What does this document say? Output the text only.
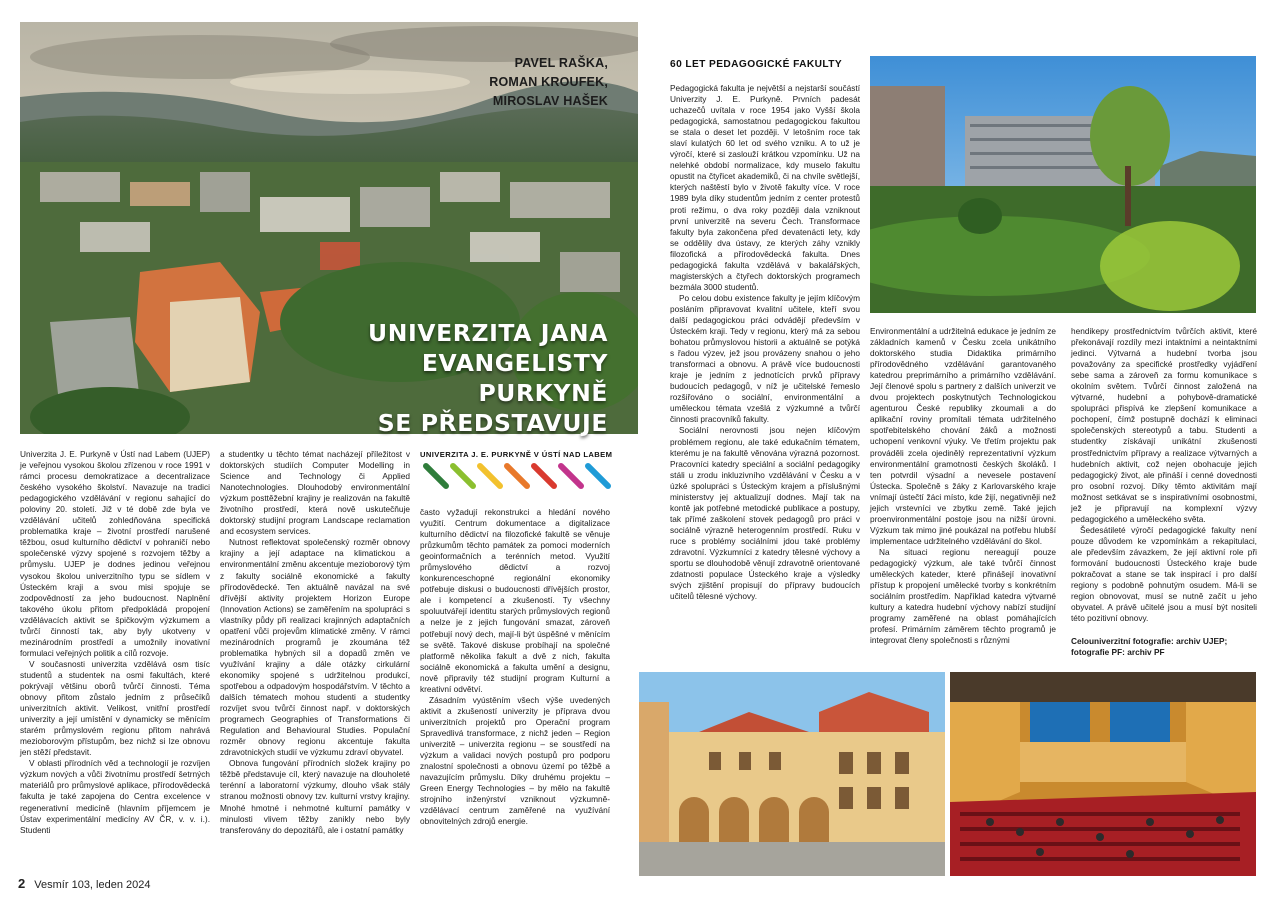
PAVEL RAŠKA,
ROMAN KROUFEK,
MIROSLAV HAŠEK
UNIVERZITA JANA
EVANGELISTY PURKYNĚ
SE PŘEDSTAVUJE

Univerzita J. E. Purkyně v Ústí nad Labem (UJEP) je veřejnou vysokou školou zřízenou v roce 1991 v rámci procesu demokratizace a decentralizace českého vysokého školství. Navazuje na tradici pedagogického vzdělávání v regionu sahající do poloviny 20. století. Již v té době zde byla ve vzdělávání učitelů zohledňována specifická problematika kraje – životní prostředí narušené těžbou, osud kulturního dědictví v pohraničí nebo společenské výzvy spojené s rozvojem těžby a průmyslu. UJEP je dodnes jedinou veřejnou vysokou školou univerzitního typu se sídlem v Ústeckém kraji a svou misi spojuje se zodpovědností za jeho budoucnost. Naplnění takového úkolu přitom předpokládá propojení vzdělávacích aktivit se špičkovým výzkumem a tvůrčí činností tak, aby byly ukotveny v mezinárodním prostředí a umožnily inovativní formulaci veřejných politik a cílů rozvoje.

V současnosti univerzita vzdělává osm tisíc studentů a studentek na osmi fakultách, které pokrývají většinu oborů tvůrčí činnosti. Téma obnovy přitom zůstalo jedním z průsečíků univerzitních aktivit. Velikost, vnitřní prostředí univerzity a její umístění v dynamicky se měnícím starém průmyslovém regionu přitom nahrává mezioborovým přístupům, bez nichž si lze obnovu jen stěží představit.

V oblasti přírodních věd a technologií je rozvíjen výzkum nových a vůči životnímu prostředí šetrných materiálů pro průmyslové aplikace, přírodovědecká fakulta je také zapojena do Centra excelence v regenerativní medicíně (hlavním příjemcem je Ústav experimentální medicíny AV ČR, v. v. i.). Studenti

a studentky u těchto témat nacházejí příležitost v doktorských studiích Computer Modelling in Science and Technology či Applied Nanotechnologies. Dlouhodobý environmentální výzkum posttěžební krajiny je realizován na fakultě životního prostředí, která nově uskutečňuje doktorský studijní program Landscape reclamation and ecosystem services.

Nutnost reflektovat společenský rozměr obnovy krajiny a její adaptace na klimatickou a environmentální změnu akcentuje mezioborový tým z fakulty sociálně ekonomické a fakulty přírodovědecké. Ten aktuálně navázal na své dřívější aktivity projektem Horizon Europe (Innovation Actions) se zaměřením na spolupráci s vlastníky půdy při realizaci krajinných adaptačních opatření vůči projevům klimatické změny. V rámci mezinárodních programů je zkoumána též problematika hybných sil a dopadů změn ve využívání krajiny a dále otázky cirkulární ekonomiky spojené s udržitelnou produkcí, spotřebou a odpadovým hospodářstvím. V těchto a dalších tématech mohou studenti a studentky rozvíjet svou tvůrčí činnost např. v doktorských programech Geographies of Transformations či Regulation and Behavioural Studies. Populační rozměr obnovy regionu akcentuje fakulta zdravotnických studií ve výzkumu zdraví obyvatel.

Obnova fungování přírodních složek krajiny po těžbě představuje cíl, který navazuje na dlouholeté terénní a laboratorní výzkumy, dlouho však stály stranou možnosti obnovy tzv. kulturní vrstvy krajiny. Mnohé hmotné i nehmotné kulturní památky v minulosti vlivem těžby zanikly nebo byly transferovány do depozitářů, ale i ostatní památky

UNIVERZITA J. E. PURKYNĚ V ÚSTÍ NAD LABEM

často vyžadují rekonstrukci a hledání nového využití. Centrum dokumentace a digitalizace kulturního dědictví na filozofické fakultě se věnuje průzkumům těchto památek za pomoci moderních geoinformačních a terénních metod. Využití průmyslového dědictví a rozvoj konkurenceschopné regionální ekonomiky potřebuje diskusi o budoucnosti dřívějších prostor, ale i kompetencí a zkušeností. Ty všechny spoluutvářejí identitu starých průmyslových regionů a nelze je z jejich fungování smazat, zároveň potřebují nový dech, mají-li být úspěšné v měnícím se světě. Takové diskuse probíhají na společné platformě několika fakult a dvě z nich, fakulta sociálně ekonomická a fakulta umění a designu, nově připravily též studijní program Kulturní a kreativní odvětví.

Zásadním vyústěním všech výše uvedených aktivit a zkušeností univerzity je příprava dvou univerzitních projektů pro Operační program Spravedlivá transformace, z nichž jeden – Region univerzitě – univerzita regionu – se soustředí na výzkum a validaci nových postupů pro podporu znalostní společnosti a obnovu území po těžbě a navazujícím průmyslu. Díky druhému projektu – Green Energy Technologies – by mělo na fakultě strojního inženýrství vzniknout výzkumně-vzdělávací centrum zaměřené na využívání obnovitelných zdrojů energie.

60 LET PEDAGOGICKÉ FAKULTY

Pedagogická fakulta je největší a nejstarší součástí Univerzity J. E. Purkyně. Prvních padesát uchazečů uvítala v roce 1954 jako Vyšší škola pedagogická, samostatnou pedagogickou fakultou se stala o deset let později. V letošním roce tak slaví kulatých 60 let od svého vzniku. A to už je výročí, které si zaslouží krátkou vzpomínku. Už na nelehké období normalizace, kdy muselo fakultu opustit na čtyřicet akademiků, či na chvíle světlejší, kterých naštěstí bylo v životě fakulty více. V roce 1989 byla díky studentům jedním z center protestů proti režimu, o dva roky později dala vzniknout první univerzitě na severu Čech. Transformace fakulty byla zakončena před devatenácti lety, kdy se oddělily dva ústavy, ze kterých záhy vznikly filozofická a přírodovědecká fakulta. Dnes pedagogická fakulta vzdělává v bakalářských, magisterských a čtyřech doktorských programech bezmála 3000 studentů.

Po celou dobu existence fakulty je jejím klíčovým posláním připravovat kvalitní učitele, kteří svou další pedagogickou práci odvádějí především v Ústeckém kraji. Tedy v regionu, který má za sebou bohatou průmyslovou historii a aktuálně se potýká s řadou výzev, jež jsou provázeny snahou o jeho transformaci a obnovu. A právě více budoucnosti kraje je jedním z jednotících prvků přípravy budoucích pedagogů, v níž je učitelské řemeslo rozšiřováno o sociální, environmentální a uměleckou témata vzešlá z výzkumné a tvůrčí činnosti pracovníků fakulty.

Sociální nerovnosti jsou nejen klíčovým problémem regionu, ale také edukačním tématem, kterému je na fakultě věnována výrazná pozornost. Pracovníci katedry speciální a sociální pedagogiky stáli u zrodu inkluzivního vzdělávání v Česku a v úzké spolupráci s Ústeckým krajem a příslušnými ministerstvy jej aktualizují dodnes. Mají tak na kontě jak potřebné metodické publikace a postupy, tak přímé zaškolení stovek pedagogů pro práci v sociálně výrazně heterogenním prostředí. Ruku v ruce s problémy sociálními jdou také problémy zdravotní. Výzkumníci z katedry tělesné výchovy a sportu se dlouhodobě věnují zdravotně orientované zdatnosti populace Ústeckého kraje a výsledky svých zjištění propisují do přípravy budoucích učitelů tělesné výchovy.

Environmentální a udržitelná edukace je jedním ze základních kamenů v Česku zcela unikátního doktorského studia Didaktika primárního přírodovědného vzdělávání garantovaného katedrou preprimárního a primárního vzdělávání. Její členové spolu s partnery z dalších univerzit ve dvou projektech poskytnutých Technologickou agenturou České republiky zkoumali a do aplikační roviny promítali témata udržitelného spotřebitelského chování žáků a možnosti uchopení venkovní výuky. Ve třetím projektu pak prováděli zcela ojedinělý reprezentativní výzkum environmentální gramotnosti českých školáků. I ten potvrdil výsadní a nevesele postavení Ústecka. Společně s žáky z Karlovarského kraje vnímají ústečtí žáci místo, kde žijí, negativněji než jejich vrstevníci ve zbytku země. Také jejich proenvironmentální postoje jsou na nižší úrovni. Výzkum tak mimo jiné poukázal na potřebu hlubší implementace udržitelného vzdělávání do škol.

Na situaci regionu nereagují pouze pedagogický výzkum, ale také tvůrčí činnost uměleckých kateder, které přinášejí inovativní přístup k propojení umělecké tvorby s konkrétním sociálním prostředím. Například katedra výtvarné kultury a katedra hudební výchovy nabízí studijní programy zaměřené na oblast pomáhajících profesí. Primárním záměrem těchto programů je integrovat členy společnosti s různými

hendikepy prostřednictvím tvůrčích aktivit, které překonávají rozdíly mezi intaktními a neintaktními jedinci. Výtvarná a hudební tvorba jsou považovány za specifické prostředky vyjádření sebe sama a zároveň za formu komunikace s okolním světem. Tvůrčí činnost založená na výtvarné, hudební a pohybově-dramatické spolupráci přispívá ke zlepšení komunikace a pochopení, čímž postupně dochází k eliminaci společenských stereotypů a tabu. Studenti a studentky získávají unikátní zkušenosti prostřednictvím přípravy a realizace výtvarných a hudebních aktivit, což nejen obohacuje jejich pedagogický život, ale přináší i cenné dovednosti pro osobní rozvoj. Díky těmto aktivitám mají možnost setkávat se s inspirativními osobnostmi, jež je připravují na komplexní výzvy pedagogického a uměleckého světa.

Šedesátileté výročí pedagogické fakulty není pouze důvodem ke vzpomínkám a rekapitulaci, ale především závazkem, že její aktivní role při formování budoucnosti Ústeckého kraje bude pokračovat a stane se tak inspirací i pro další regiony s podobně pohnutým osudem. Má-li se region obnovovat, musí se nutně začít u jeho obyvatel. A právě učitelé jsou a musí být nositeli této pozitivní obnovy.

Celouniverzitní fotografie: archiv UJEP;

fotografie PF: archiv PF

2 Vesmír 103, leden 2024
